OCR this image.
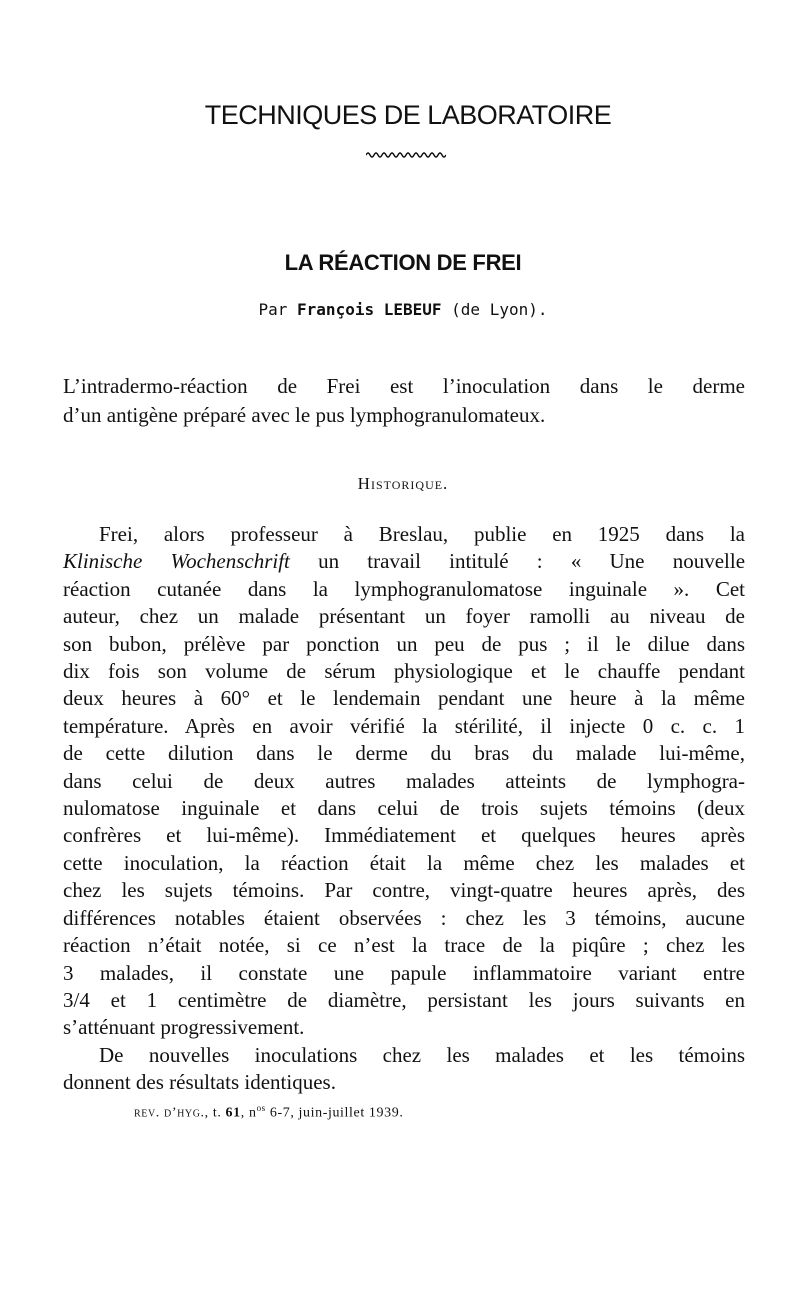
TECHNIQUES DE LABORATOIRE
LA RÉACTION DE FREI
Par François LEBEUF (de Lyon).
L’intradermo-réaction de Frei est l’inoculation dans le derme
d’un antigène préparé avec le pus lymphogranulomateux.
Historique.
Frei, alors professeur à Breslau, publie en 1925 dans la
Klinische Wochenschrift un travail intitulé : « Une nouvelle
réaction cutanée dans la lymphogranulomatose inguinale ». Cet
auteur, chez un malade présentant un foyer ramolli au niveau de
son bubon, prélève par ponction un peu de pus ; il le dilue dans
dix fois son volume de sérum physiologique et le chauffe pendant
deux heures à 60° et le lendemain pendant une heure à la même
température. Après en avoir vérifié la stérilité, il injecte 0 c. c. 1
de cette dilution dans le derme du bras du malade lui-même,
dans celui de deux autres malades atteints de lymphogra-
nulomatose inguinale et dans celui de trois sujets témoins (deux
confrères et lui-même). Immédiatement et quelques heures après
cette inoculation, la réaction était la même chez les malades et
chez les sujets témoins. Par contre, vingt-quatre heures après, des
différences notables étaient observées : chez les 3 témoins, aucune
réaction n’était notée, si ce n’est la trace de la piqûre ; chez les
3 malades, il constate une papule inflammatoire variant entre
3/4 et 1 centimètre de diamètre, persistant les jours suivants en
s’atténuant progressivement.
De nouvelles inoculations chez les malades et les témoins
donnent des résultats identiques.
rev. d’hyg., t. 61, $n^{os}$ 6-7, juin-juillet 1939.
